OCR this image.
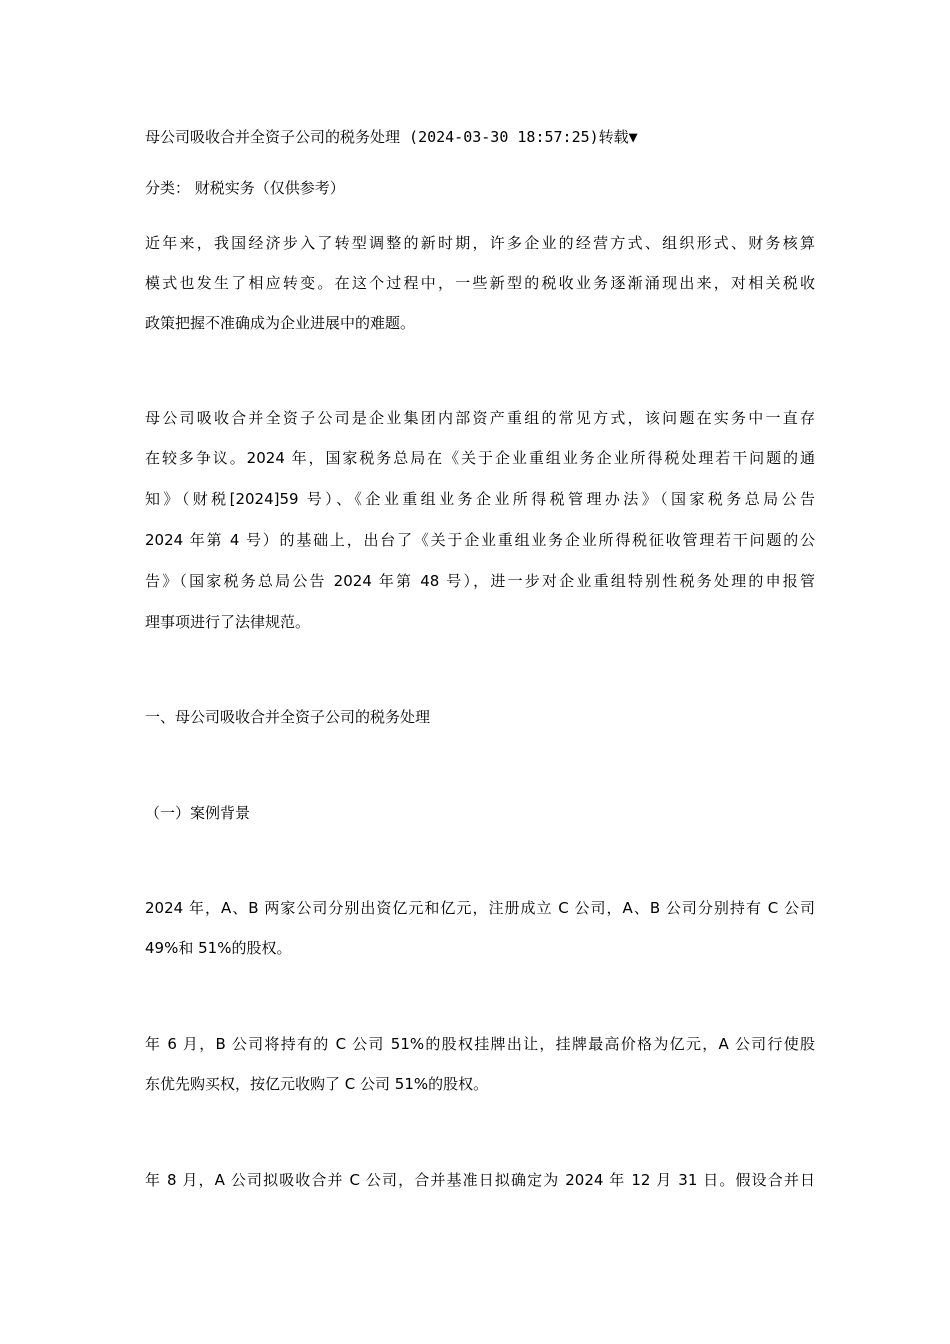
母公司吸收合并全资子公司的税务处理 (2024-03-30 18:57:25)转载▼
分类： 财税实务（仅供参考）
近年来，我国经济步入了转型调整的新时期，许多企业的经营方式、组织形式、财务核算
模式也发生了相应转变。在这个过程中，一些新型的税收业务逐渐涌现出来，对相关税收
政策把握不准确成为企业进展中的难题。
母公司吸收合并全资子公司是企业集团内部资产重组的常见方式，该问题在实务中一直存
在较多争议。2024 年，国家税务总局在《关于企业重组业务企业所得税处理若干问题的通
知》（财税[2024]59 号）、《企业重组业务企业所得税管理办法》（国家税务总局公告
2024 年第 4 号）的基础上，出台了《关于企业重组业务企业所得税征收管理若干问题的公
告》（国家税务总局公告 2024 年第 48 号），进一步对企业重组特别性税务处理的申报管
理事项进行了法律规范。
一、母公司吸收合并全资子公司的税务处理
（一）案例背景
2024 年，A、B 两家公司分别出资亿元和亿元，注册成立 C 公司，A、B 公司分别持有 C 公司
49%和 51%的股权。
年 6 月，B 公司将持有的 C 公司 51%的股权挂牌出让，挂牌最高价格为亿元，A 公司行使股
东优先购买权，按亿元收购了 C 公司 51%的股权。
年 8 月，A 公司拟吸收合并 C 公司，合并基准日拟确定为 2024 年 12 月 31 日。假设合并日
